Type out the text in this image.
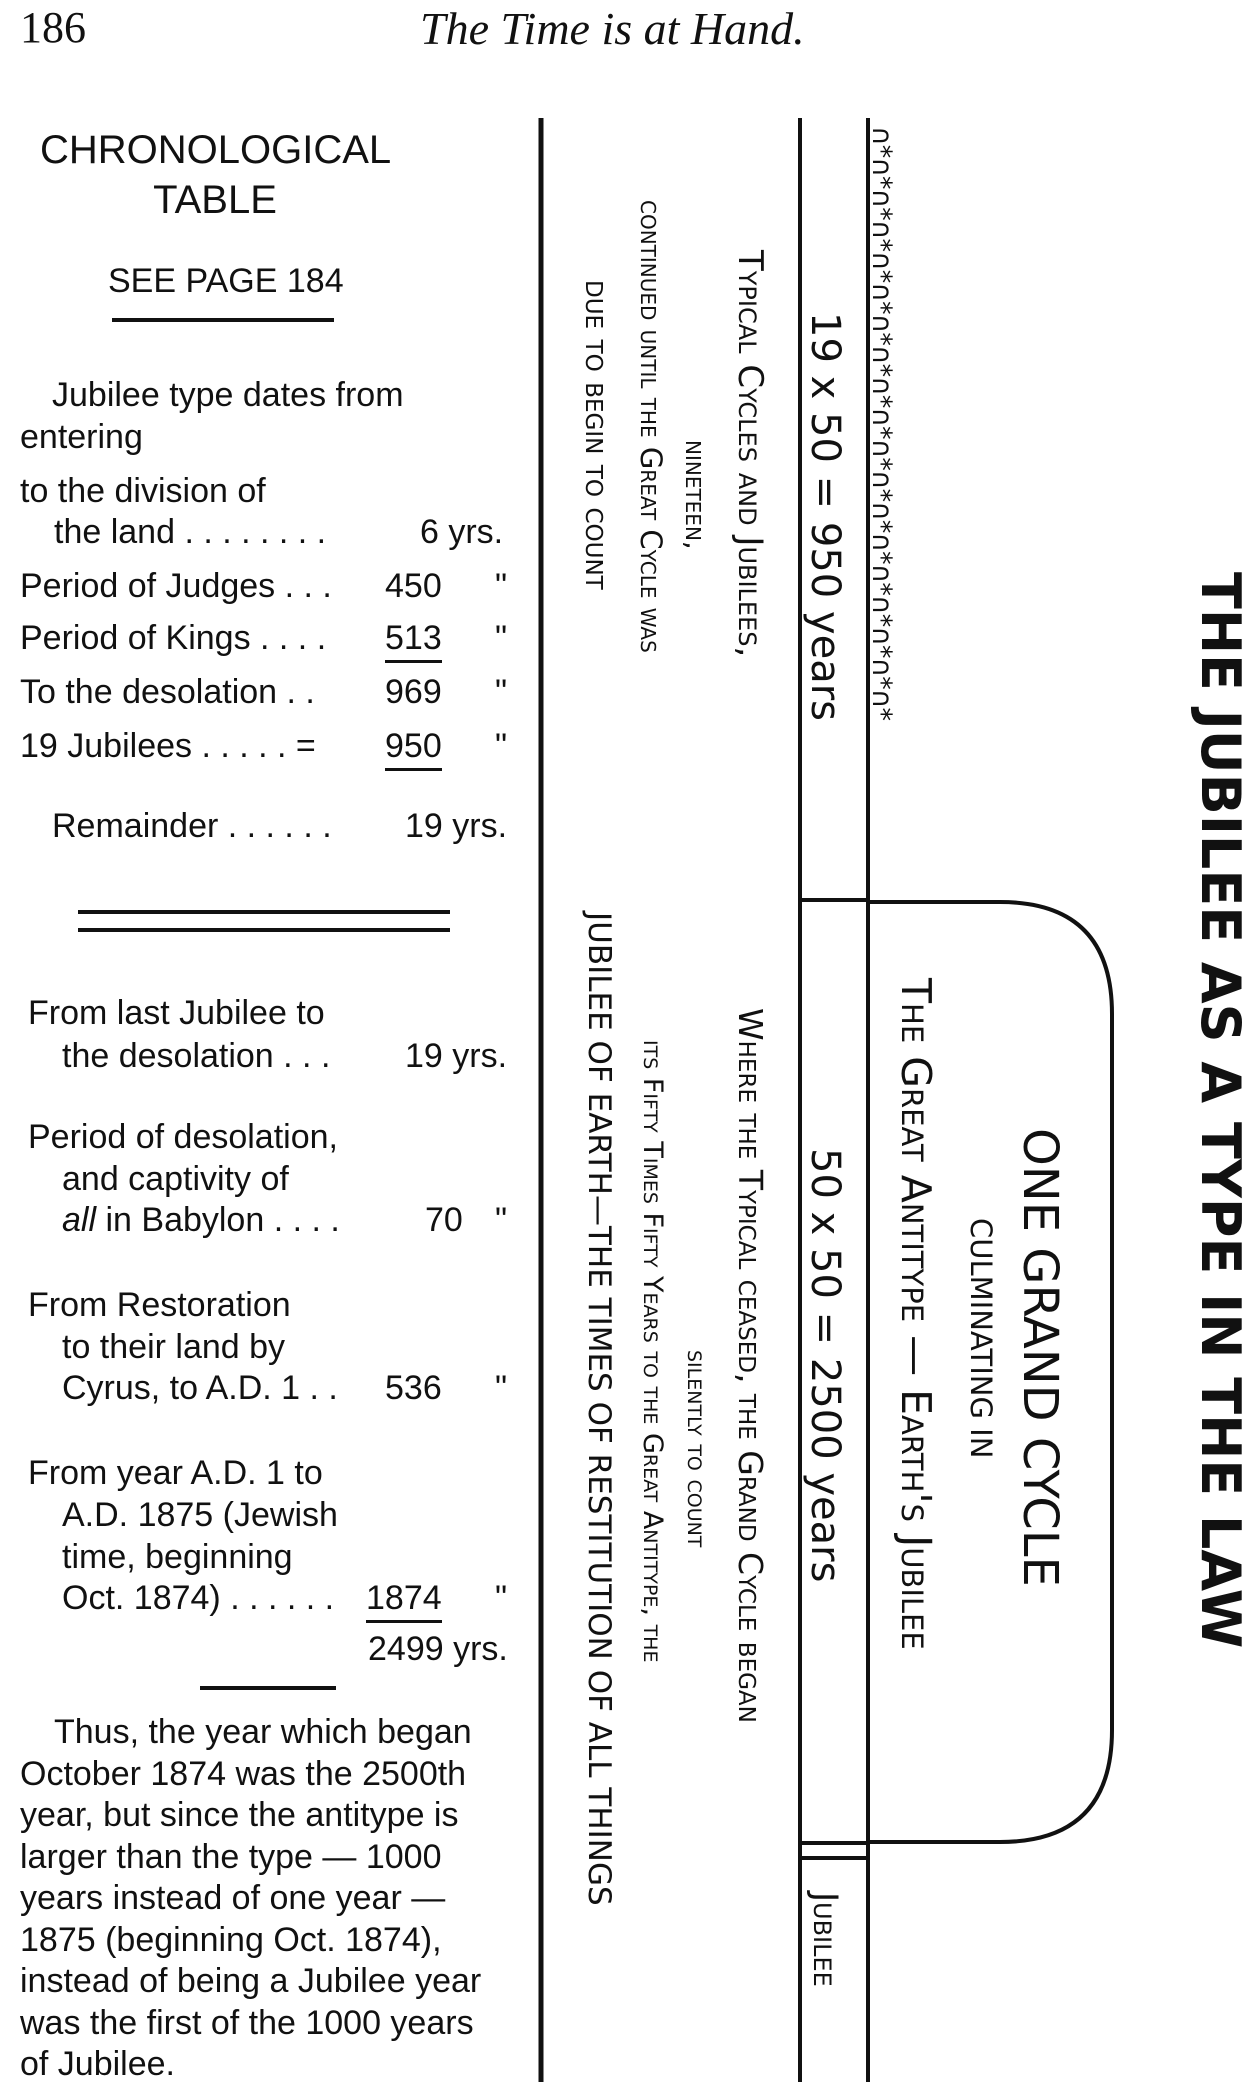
186	The Time is at Hand.
CHRONOLOGICAL
TABLE
SEE PAGE 184
Jubilee type dates from
entering
to the division of
the land . . . . . . . .	6 yrs.
Period of Judges . . . 450 "
Period of Kings . . . . 513 "
To the desolation . . 969 "
19 Jubilees . . . . . = 950 "
Remainder . . . . . . 19 yrs.
From last Jubilee to
the desolation . . . 19 yrs.
Period of desolation,
and captivity of
all in Babylon . . . .	70 "
From Restoration
to their land by
Cyrus, to A.D. 1 . . 536 "
From year A.D. 1 to
A.D. 1875 (Jewish
time, beginning
Oct. 1874) . . . . . . 1874 "
2499 yrs.
Thus, the year which began
October 1874 was the 2500th
year, but since the antitype is
larger than the type — 1000
years instead of one year —
1875 (beginning Oct. 1874),
instead of being a Jubilee year
was the first of the 1000 years
of Jubilee.
THE JUBILEE AS A TYPE IN THE LAW
∩*∩*∩*∩*∩*∩*∩*∩*∩*∩*∩*∩*∩*∩*∩*∩*∩*∩*∩*
ONE GRAND CYCLE
CULMINATING IN
The Great Antitype — Earth's Jubilee
19 x 50 = 950 years
50 x 50 = 2500 years
Jubilee
Typical Cycles and Jubilees,
nineteen,
continued until the Great Cycle was
due to begin to count
Where the Typical ceased, the Grand Cycle began
silently to count
its Fifty Times Fifty Years to the Great Antitype, the
JUBILEE OF EARTH—THE TIMES OF RESTITUTION OF ALL THINGS
